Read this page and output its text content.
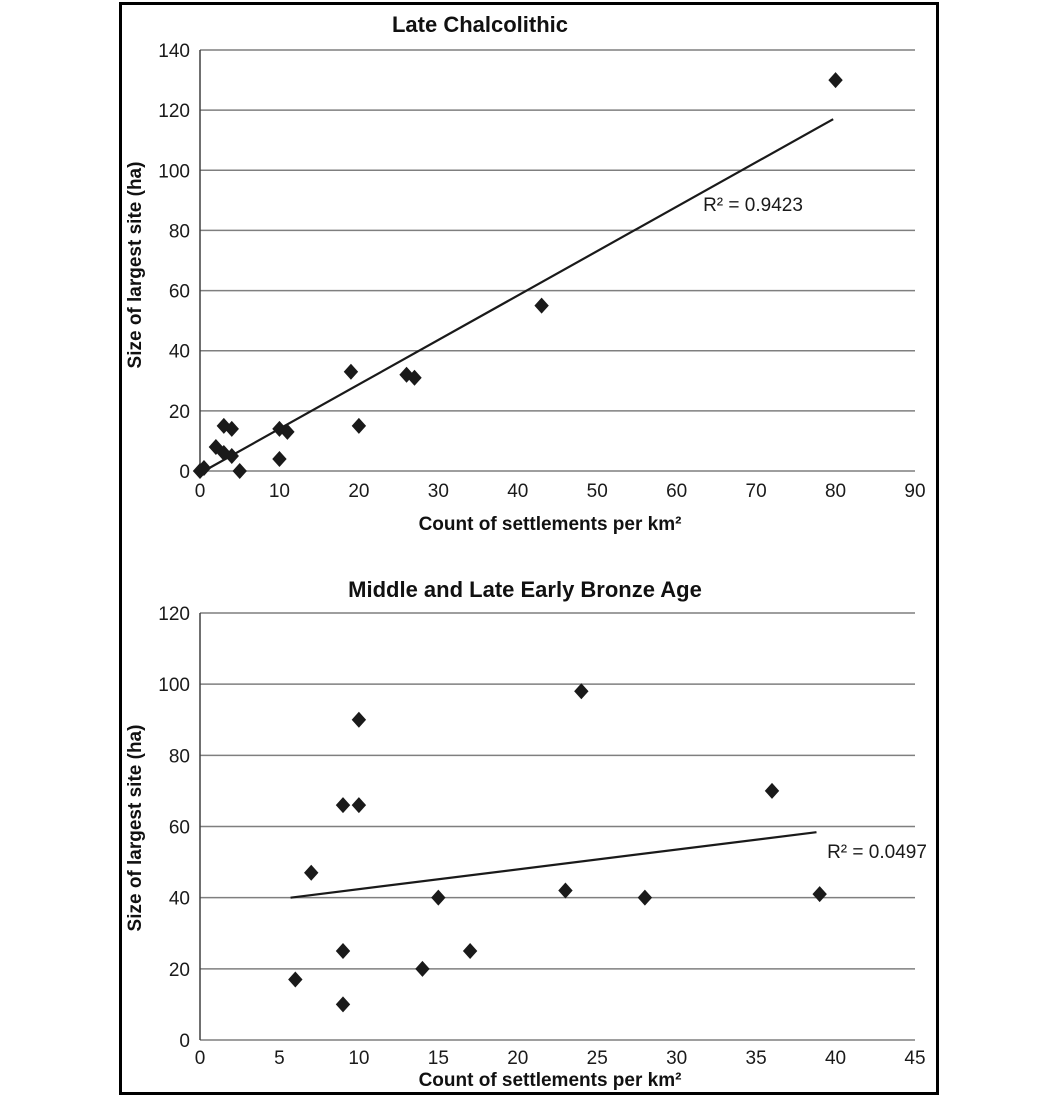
Late Chalcolithic
0
20
40
60
80
100
120
140
0	10	20	30	40	50	60	70	80	90
R² = 0.9423
Size of largest site (ha)
Count of settlements per km²
Middle and Late Early Bronze Age
0
20
40
60
80
100
120
0	5	10	15	20	25	30	35	40	45
R² = 0.0497
Size of largest site (ha)
Count of settlements per km²
